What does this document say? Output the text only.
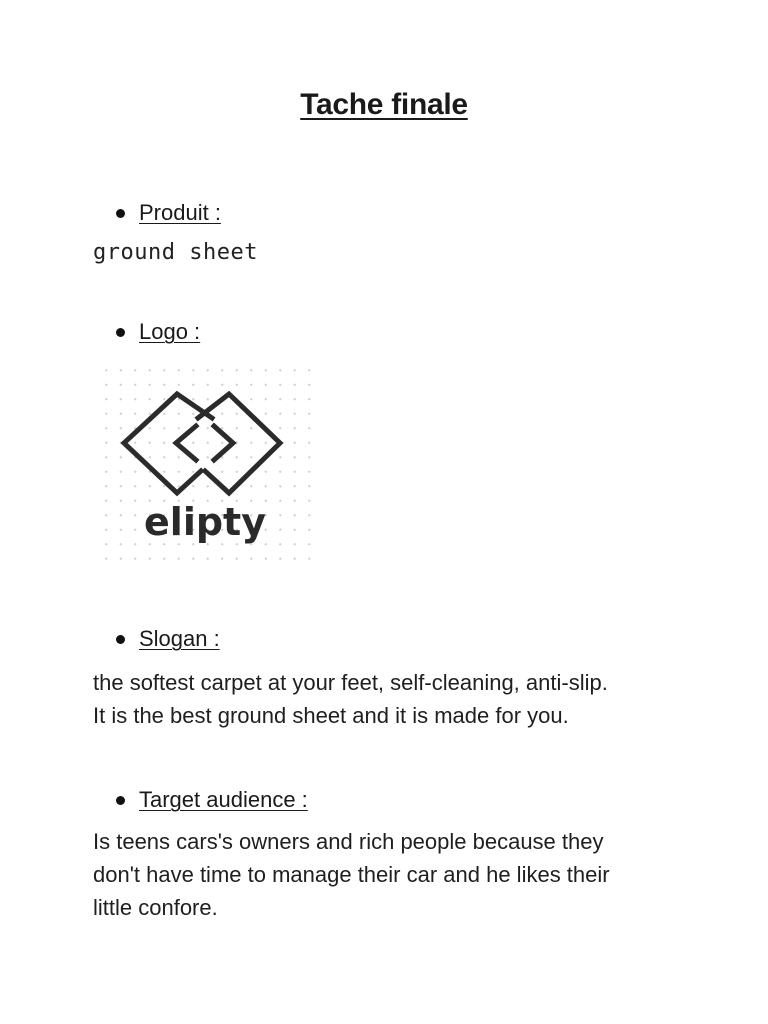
Tache finale
Produit :
ground sheet
Logo :
elipty
Slogan :
the softest carpet at your feet, self-cleaning, anti-slip.
It is the best ground sheet and it is made for you.
Target audience :
Is teens cars's owners and rich people because they
don't have time to manage their car and he likes their
little confore.
